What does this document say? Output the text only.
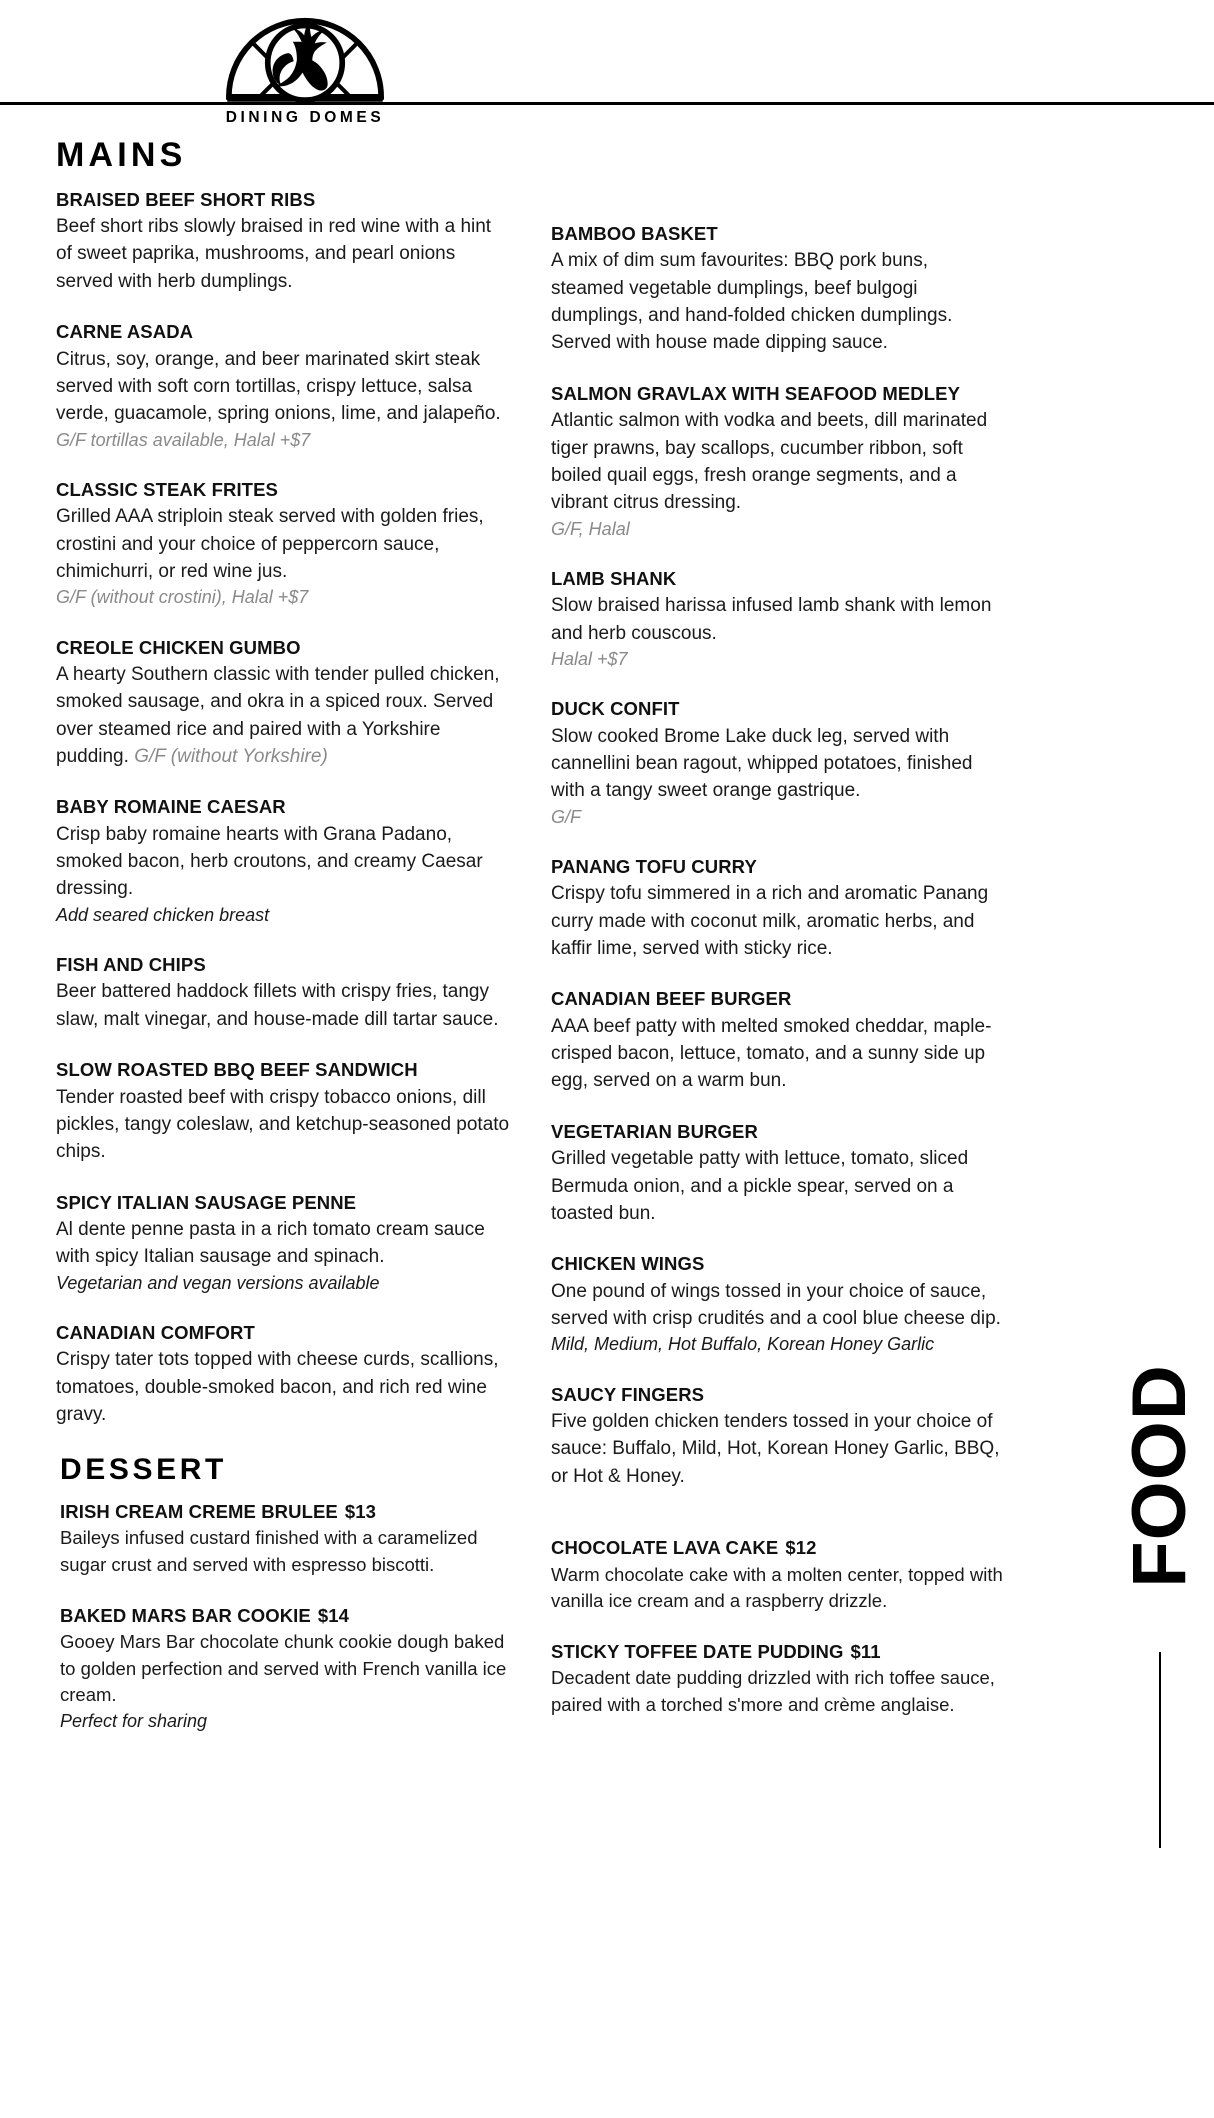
DINING DOMES
MAINS
BRAISED BEEF SHORT RIBS
Beef short ribs slowly braised in red wine with a hint of sweet paprika, mushrooms, and pearl onions served with herb dumplings.
CARNE ASADA
Citrus, soy, orange, and beer marinated skirt steak served with soft corn tortillas, crispy lettuce, salsa verde, guacamole, spring onions, lime, and jalapeño.
G/F tortillas available, Halal +$7
CLASSIC STEAK FRITES
Grilled AAA striploin steak served with golden fries, crostini and your choice of peppercorn sauce, chimichurri, or red wine jus.
G/F (without crostini), Halal +$7
CREOLE CHICKEN GUMBO
A hearty Southern classic with tender pulled chicken, smoked sausage, and okra in a spiced roux. Served over steamed rice and paired with a Yorkshire pudding. G/F (without Yorkshire)
BABY ROMAINE CAESAR
Crisp baby romaine hearts with Grana Padano, smoked bacon, herb croutons, and creamy Caesar dressing.
Add seared chicken breast
FISH AND CHIPS
Beer battered haddock fillets with crispy fries, tangy slaw, malt vinegar, and house-made dill tartar sauce.
SLOW ROASTED BBQ BEEF SANDWICH
Tender roasted beef with crispy tobacco onions, dill pickles, tangy coleslaw, and ketchup-seasoned potato chips.
SPICY ITALIAN SAUSAGE PENNE
Al dente penne pasta in a rich tomato cream sauce with spicy Italian sausage and spinach.
Vegetarian and vegan versions available
CANADIAN COMFORT
Crispy tater tots topped with cheese curds, scallions, tomatoes, double-smoked bacon, and rich red wine gravy.
DESSERT
IRISH CREAM CREME BRULEE $13
Baileys infused custard finished with a caramelized sugar crust and served with espresso biscotti.
BAKED MARS BAR COOKIE $14
Gooey Mars Bar chocolate chunk cookie dough baked to golden perfection and served with French vanilla ice cream.
Perfect for sharing
BAMBOO BASKET
A mix of dim sum favourites: BBQ pork buns, steamed vegetable dumplings, beef bulgogi dumplings, and hand-folded chicken dumplings. Served with house made dipping sauce.
SALMON GRAVLAX WITH SEAFOOD MEDLEY
Atlantic salmon with vodka and beets, dill marinated tiger prawns, bay scallops, cucumber ribbon, soft boiled quail eggs, fresh orange segments, and a vibrant citrus dressing.
G/F, Halal
LAMB SHANK
Slow braised harissa infused lamb shank with lemon and herb couscous.
Halal +$7
DUCK CONFIT
Slow cooked Brome Lake duck leg, served with cannellini bean ragout, whipped potatoes, finished with a tangy sweet orange gastrique.
G/F
PANANG TOFU CURRY
Crispy tofu simmered in a rich and aromatic Panang curry made with coconut milk, aromatic herbs, and kaffir lime, served with sticky rice.
CANADIAN BEEF BURGER
AAA beef patty with melted smoked cheddar, maple-crisped bacon, lettuce, tomato, and a sunny side up egg, served on a warm bun.
VEGETARIAN BURGER
Grilled vegetable patty with lettuce, tomato, sliced Bermuda onion, and a pickle spear, served on a toasted bun.
CHICKEN WINGS
One pound of wings tossed in your choice of sauce, served with crisp crudités and a cool blue cheese dip.
Mild, Medium, Hot Buffalo, Korean Honey Garlic
SAUCY FINGERS
Five golden chicken tenders tossed in your choice of sauce: Buffalo, Mild, Hot, Korean Honey Garlic, BBQ, or Hot & Honey.
CHOCOLATE LAVA CAKE $12
Warm chocolate cake with a molten center, topped with vanilla ice cream and a raspberry drizzle.
STICKY TOFFEE DATE PUDDING $11
Decadent date pudding drizzled with rich toffee sauce, paired with a torched s'more and crème anglaise.
FOOD
